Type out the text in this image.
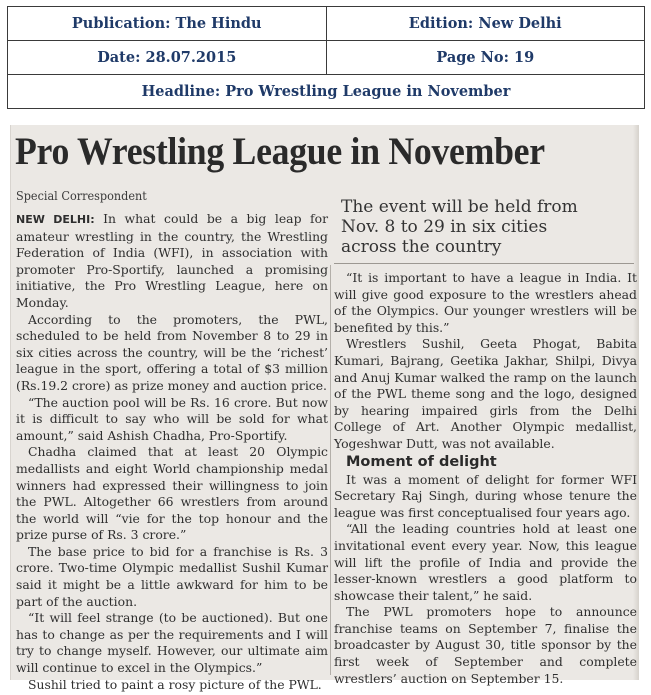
Publication: The Hindu	Edition: New Delhi
Date: 28.07.2015	Page No: 19
Headline: Pro Wrestling League in November	
Pro Wrestling League in November
Special Correspondent
The event will be held from Nov. 8 to 29 in six cities across the country

NEW DELHI: In what could be a big leap for amateur wrestling in the country, the Wrestling Federation of India (WFI), in association with promoter Pro-Sportify, launched a promising initiative, the Pro Wrestling League, here on Monday.

According to the promoters, the PWL, scheduled to be held from November 8 to 29 in six cities across the country, will be the ‘richest’ league in the sport, offering a total of $3 million (Rs.19.2 crore) as prize money and auction price.

“The auction pool will be Rs. 16 crore. But now it is difficult to say who will be sold for what amount,” said Ashish Chadha, Pro-Sportify.

Chadha claimed that at least 20 Olympic medallists and eight World championship medal winners had expressed their willingness to join the PWL. Altogether 66 wrestlers from around the world will “vie for the top honour and the prize purse of Rs. 3 crore.”

The base price to bid for a franchise is Rs. 3 crore. Two-time Olympic medallist Sushil Kumar said it might be a little awkward for him to be part of the auction.

“It will feel strange (to be auctioned). But one has to change as per the requirements and I will try to change myself. However, our ultimate aim will continue to excel in the Olympics.”

Sushil tried to paint a rosy picture of the PWL.

“It is important to have a league in India. It will give good exposure to the wrestlers ahead of the Olympics. Our younger wrestlers will be benefited by this.”

Wrestlers Sushil, Geeta Phogat, Babita Kumari, Bajrang, Geetika Jakhar, Shilpi, Divya and Anuj Kumar walked the ramp on the launch of the PWL theme song and the logo, designed by hearing impaired girls from the Delhi College of Art. Another Olympic medallist, Yogeshwar Dutt, was not available.

Moment of delight

It was a moment of delight for former WFI Secretary Raj Singh, during whose tenure the league was first conceptualised four years ago.

“All the leading countries hold at least one invitational event every year. Now, this league will lift the profile of India and provide the lesser-known wrestlers a good platform to showcase their talent,” he said.

The PWL promoters hope to announce franchise teams on September 7, finalise the broadcaster by August 30, title sponsor by the first week of September and complete wrestlers’ auction on September 15.
